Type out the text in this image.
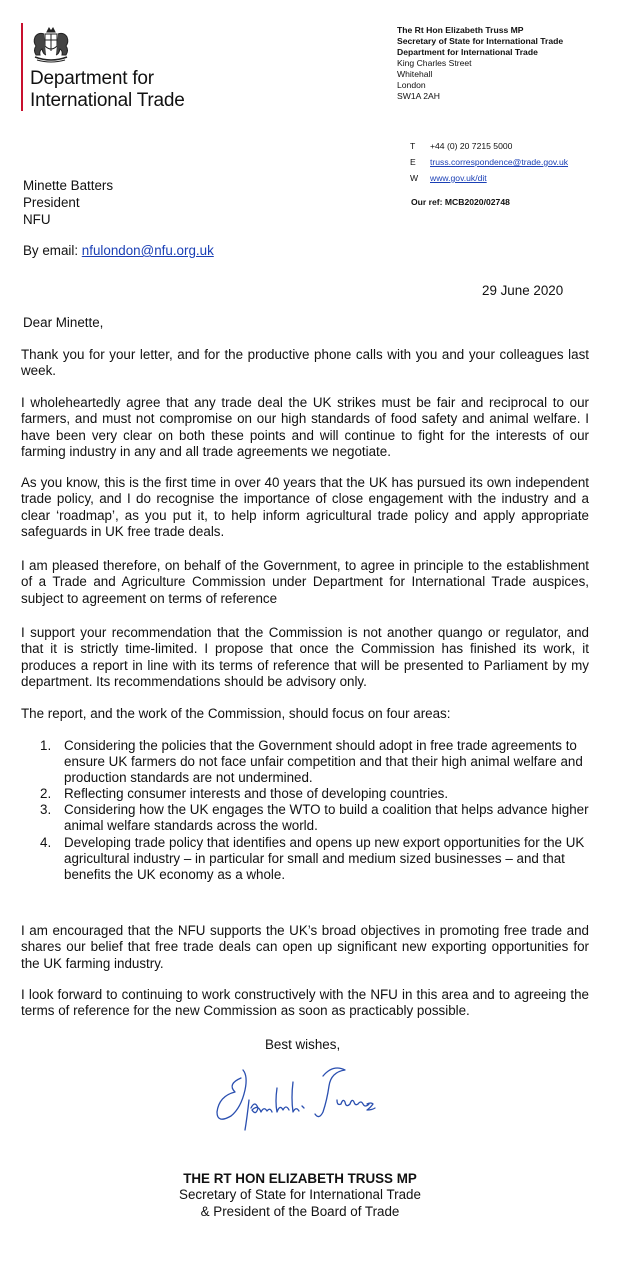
Department for
International Trade
The Rt Hon Elizabeth Truss MP
Secretary of State for International Trade
Department for International Trade
King Charles Street
Whitehall
London
SW1A 2AH
T	+44 (0) 20 7215 5000
E	truss.correspondence@trade.gov.uk
W	www.gov.uk/dit
Our ref: MCB2020/02748
Minette Batters
President
NFU
By email: nfulondon@nfu.org.uk
29 June 2020
Dear Minette,
Thank you for your letter, and for the productive phone calls with you and your colleagues last week.
I wholeheartedly agree that any trade deal the UK strikes must be fair and reciprocal to our farmers, and must not compromise on our high standards of food safety and animal welfare. I have been very clear on both these points and will continue to fight for the interests of our farming industry in any and all trade agreements we negotiate.
As you know, this is the first time in over 40 years that the UK has pursued its own independent trade policy, and I do recognise the importance of close engagement with the industry and a clear ‘roadmap’, as you put it, to help inform agricultural trade policy and apply appropriate safeguards in UK free trade deals.
I am pleased therefore, on behalf of the Government, to agree in principle to the establishment of a Trade and Agriculture Commission under Department for International Trade auspices, subject to agreement on terms of reference
I support your recommendation that the Commission is not another quango or regulator, and that it is strictly time-limited. I propose that once the Commission has finished its work, it produces a report in line with its terms of reference that will be presented to Parliament by my department. Its recommendations should be advisory only.
The report, and the work of the Commission, should focus on four areas:
1. Considering the policies that the Government should adopt in free trade agreements to ensure UK farmers do not face unfair competition and that their high animal welfare and production standards are not undermined.
2. Reflecting consumer interests and those of developing countries.
3. Considering how the UK engages the WTO to build a coalition that helps advance higher animal welfare standards across the world.
4. Developing trade policy that identifies and opens up new export opportunities for the UK agricultural industry – in particular for small and medium sized businesses – and that benefits the UK economy as a whole.
I am encouraged that the NFU supports the UK’s broad objectives in promoting free trade and shares our belief that free trade deals can open up significant new exporting opportunities for the UK farming industry.
I look forward to continuing to work constructively with the NFU in this area and to agreeing the terms of reference for the new Commission as soon as practicably possible.
Best wishes,
THE RT HON ELIZABETH TRUSS MP
Secretary of State for International Trade
& President of the Board of Trade
